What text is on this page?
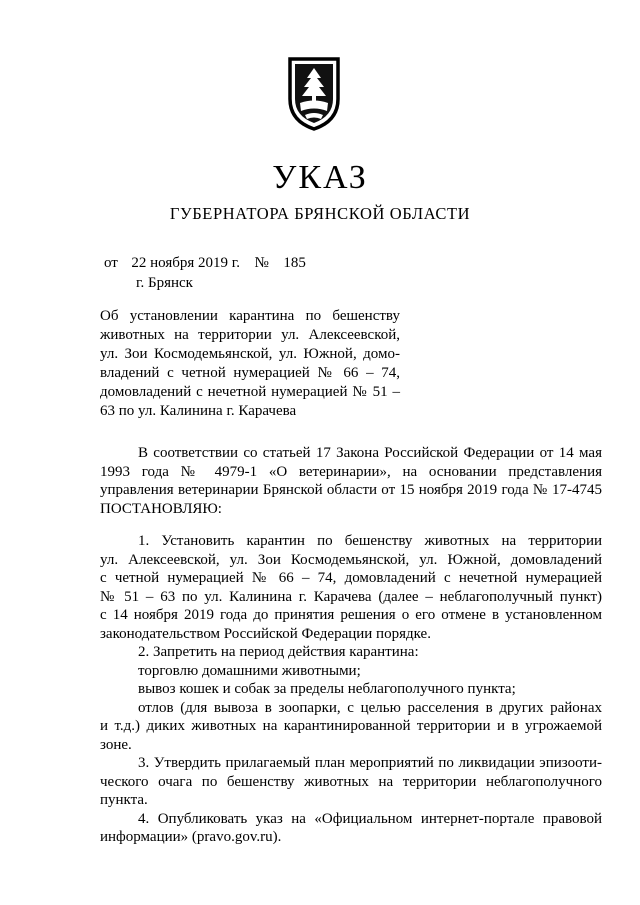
УКАЗ
ГУБЕРНАТОРА БРЯНСКОЙ ОБЛАСТИ
от 22 ноября 2019 г. № 185
г. Брянск
Об установлении карантина по бешенству
животных на территории ул. Алексеевской,
ул. Зои Космодемьянской, ул. Южной, домо-
владений с четной нумерацией № 66 – 74,
домовладений с нечетной нумерацией № 51 –
63 по ул. Калинина г. Карачева
В соответствии со статьей 17 Закона Российской Федерации от 14 мая
1993 года № 4979-1 «О ветеринарии», на основании представления
управления ветеринарии Брянской области от 15 ноября 2019 года № 17-4745
ПОСТАНОВЛЯЮ:
1. Установить карантин по бешенству животных на территории
ул. Алексеевской, ул. Зои Космодемьянской, ул. Южной, домовладений
с четной нумерацией № 66 – 74, домовладений с нечетной нумерацией
№ 51 – 63 по ул. Калинина г. Карачева (далее – неблагополучный пункт)
с 14 ноября 2019 года до принятия решения о его отмене в установленном
законодательством Российской Федерации порядке.
2. Запретить на период действия карантина:
торговлю домашними животными;
вывоз кошек и собак за пределы неблагополучного пункта;
отлов (для вывоза в зоопарки, с целью расселения в других районах
и т.д.) диких животных на карантинированной территории и в угрожаемой
зоне.
3. Утвердить прилагаемый план мероприятий по ликвидации эпизооти-
ческого очага по бешенству животных на территории неблагополучного
пункта.
4. Опубликовать указ на «Официальном интернет-портале правовой
информации» (pravo.gov.ru).
